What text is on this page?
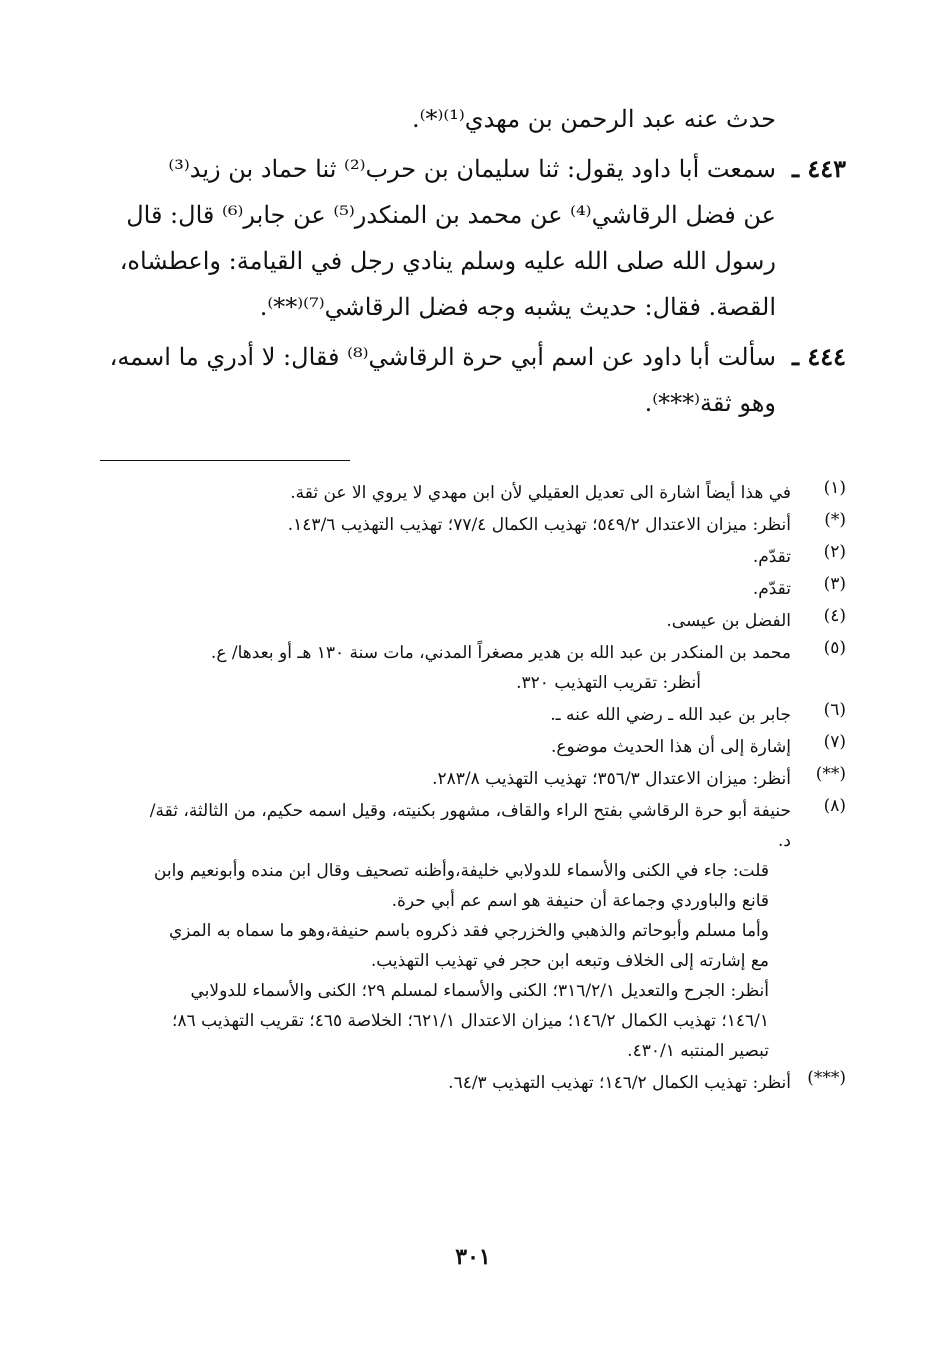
حدث عنه عبد الرحمن بن مهدي⁽¹⁾⁽*⁾.
٤٤٣ ـسمعت أبا داود يقول: ثنا سليمان بن حرب⁽²⁾ ثنا حماد بن زيد⁽³⁾
عن فضل الرقاشي⁽⁴⁾ عن محمد بن المنكدر⁽⁵⁾ عن جابر⁽⁶⁾ قال: قال
رسول الله صلى الله عليه وسلم ينادي رجل في القيامة: واعطشاه،
القصة. فقال: حديث يشبه وجه فضل الرقاشي⁽⁷⁾⁽**⁾.
٤٤٤ ـسألت أبا داود عن اسم أبي حرة الرقاشي⁽⁸⁾ فقال: لا أدري ما اسمه،
وهو ثقة⁽***⁾.
(١)

في هذا أيضاً اشارة الى تعديل العقيلي لأن ابن مهدي لا يروي الا عن ثقة.

(*)

أنظر: ميزان الاعتدال ٥٤٩/٢؛ تهذيب الكمال ٧٧/٤؛ تهذيب التهذيب ١٤٣/٦.

(٢)

تقدّم.

(٣)

تقدّم.

(٤)

الفضل بن عيسى.

(٥)

محمد بن المنكدر بن عبد الله بن هدير مصغراً المدني، مات سنة ١٣٠ هـ أو بعدها/ ع.

أنظر: تقريب التهذيب ٣٢٠.

(٦)

جابر بن عبد الله ـ رضي الله عنه ـ.

(٧)

إشارة إلى أن هذا الحديث موضوع.

(**)

أنظر: ميزان الاعتدال ٣٥٦/٣؛ تهذيب التهذيب ٢٨٣/٨.

(٨)

حنيفة أبو حرة الرقاشي بفتح الراء والقاف، مشهور بكنيته، وقيل اسمه حكيم، من الثالثة، ثقة/ د.

قلت: جاء في الكنى والأسماء للدولابي خليفة،وأظنه تصحيف وقال ابن منده وأبونعيم وابن قانع والباوردي وجماعة أن حنيفة هو اسم عم أبي حرة.

وأما مسلم وأبوحاتم والذهبي والخزرجي فقد ذكروه باسم حنيفة،وهو ما سماه به المزي مع إشارته إلى الخلاف وتبعه ابن حجر في تهذيب التهذيب.

أنظر: الجرح والتعديل ٣١٦/٢/١؛ الكنى والأسماء لمسلم ٢٩؛ الكنى والأسماء للدولابي ١٤٦/١؛ تهذيب الكمال ١٤٦/٢؛ ميزان الاعتدال ٦٢١/١؛ الخلاصة ٤٦٥؛ تقريب التهذيب ٨٦؛ تبصير المنتبه ٤٣٠/١.

(***)

أنظر: تهذيب الكمال ١٤٦/٢؛ تهذيب التهذيب ٦٤/٣.

٣٠١
